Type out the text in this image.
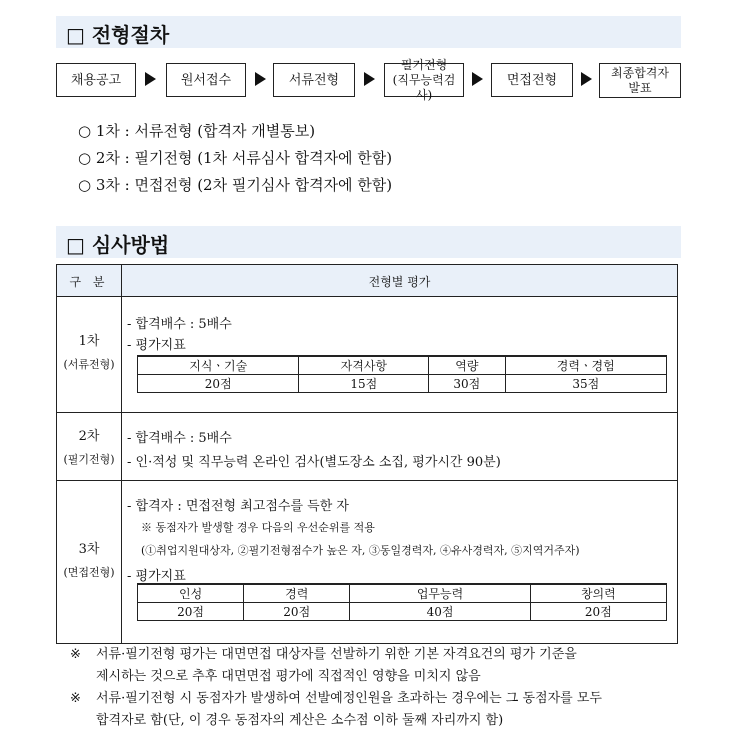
□ 전형절차
채용공고	원서접수	서류전형
필기전형
(직무능력검사)
면접전형	최종합격자
발표
○ 1차 : 서류전형 (합격자 개별통보)
○ 2차 : 필기전형 (1차 서류심사 합격자에 한함)
○ 3차 : 면접전형 (2차 필기심사 합격자에 한함)
□ 심사방법
구 분	전형별 평가
1차
(서류전형)
- 합격배수 : 5배수
- 평가지표
지식ㆍ기술	자격사항	역량	경력ㆍ경험
20점	15점	30점	35점
2차
(필기전형)
- 합격배수 : 5배수
- 인·적성 및 직무능력 온라인 검사(별도장소 소집, 평가시간 90분)
3차
(면접전형)
- 합격자 : 면접전형 최고점수를 득한 자
※ 동점자가 발생할 경우 다음의 우선순위를 적용
(①취업지원대상자, ②필기전형점수가 높은 자, ③동일경력자, ④유사경력자, ⑤지역거주자)
- 평가지표
인성	경력	업무능력	창의력
20점	20점	40점	20점
※ 서류·필기전형 평가는 대면면접 대상자를 선발하기 위한 기본 자격요건의 평가 기준을
제시하는 것으로 추후 대면면접 평가에 직접적인 영향을 미치지 않음
※ 서류·필기전형 시 동점자가 발생하여 선발예정인원을 초과하는 경우에는 그 동점자를 모두
합격자로 함(단, 이 경우 동점자의 계산은 소수점 이하 둘째 자리까지 함)
